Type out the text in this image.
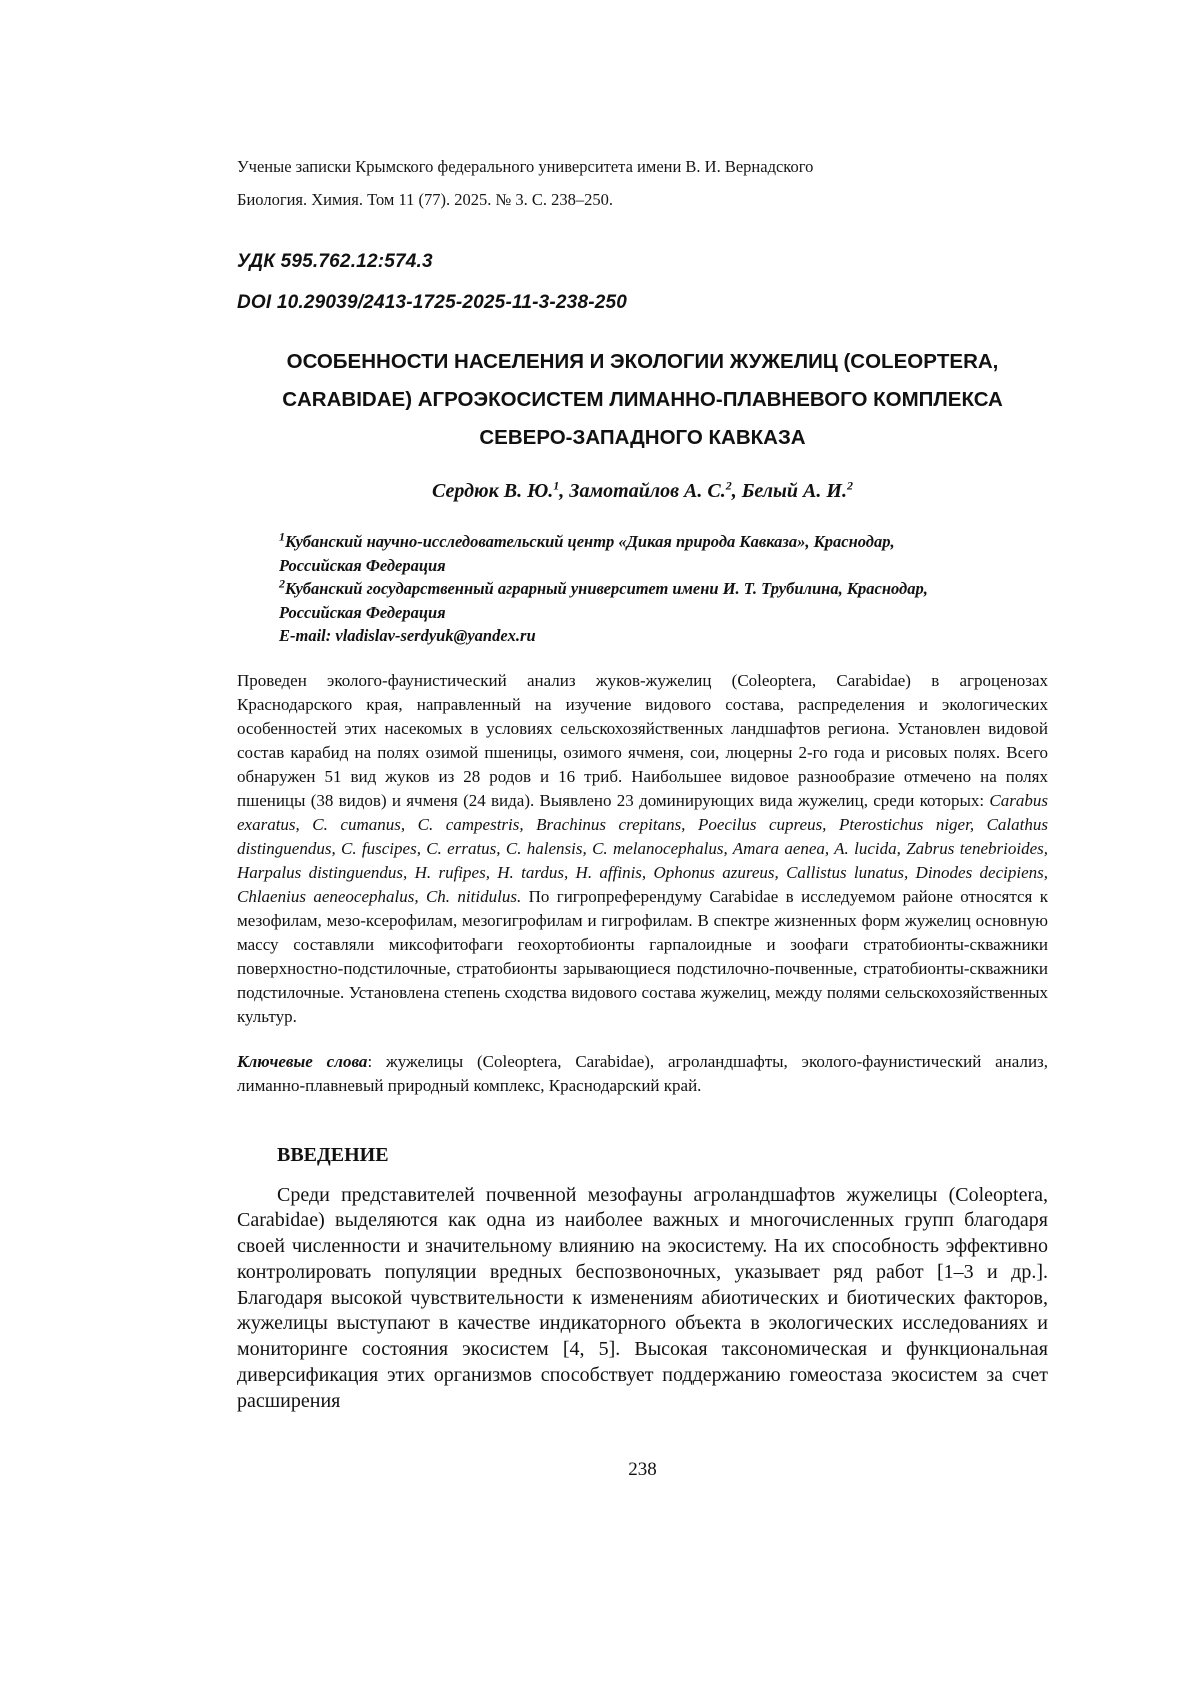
Ученые записки Крымского федерального университета имени В. И. Вернадского
Биология. Химия. Том 11 (77). 2025. № 3. С. 238–250.
УДК 595.762.12:574.3
DOI 10.29039/2413-1725-2025-11-3-238-250
ОСОБЕННОСТИ НАСЕЛЕНИЯ И ЭКОЛОГИИ ЖУЖЕЛИЦ (COLEOPTERA, CARABIDAE) АГРОЭКОСИСТЕМ ЛИМАННО-ПЛАВНЕВОГО КОМПЛЕКСА СЕВЕРО-ЗАПАДНОГО КАВКАЗА
Сердюк В. Ю.$^1$, Замотайлов А. С.$^2$, Белый А. И.$^2$
$^1$Кубанский научно-исследовательский центр «Дикая природа Кавказа», Краснодар,
Российская Федерация
$^2$Кубанский государственный аграрный университет имени И. Т. Трубилина, Краснодар,
Российская Федерация
E-mail: vladislav-serdyuk@yandex.ru
Проведен эколого-фаунистический анализ жуков-жужелиц (Coleoptera, Carabidae) в агроценозах Краснодарского края, направленный на изучение видового состава, распределения и экологических особенностей этих насекомых в условиях сельскохозяйственных ландшафтов региона. Установлен видовой состав карабид на полях озимой пшеницы, озимого ячменя, сои, люцерны 2-го года и рисовых полях. Всего обнаружен 51 вид жуков из 28 родов и 16 триб. Наибольшее видовое разнообразие отмечено на полях пшеницы (38 видов) и ячменя (24 вида). Выявлено 23 доминирующих вида жужелиц, среди которых: Carabus exaratus, C. cumanus, C. campestris, Brachinus crepitans, Poecilus cupreus, Pterostichus niger, Calathus distinguendus, C. fuscipes, C. erratus, C. halensis, C. melanocephalus, Amara aenea, A. lucida, Zabrus tenebrioides, Harpalus distinguendus, H. rufipes, H. tardus, H. affinis, Ophonus azureus, Callistus lunatus, Dinodes decipiens, Chlaenius aeneocephalus, Ch. nitidulus. По гигропреферендуму Carabidae в исследуемом районе относятся к мезофилам, мезо-ксерофилам, мезогигрофилам и гигрофилам. В спектре жизненных форм жужелиц основную массу составляли миксофитофаги геохортобионты гарпалоидные и зоофаги стратобионты-скважники поверхностно-подстилочные, стратобионты зарывающиеся подстилочно-почвенные, стратобионты-скважники подстилочные. Установлена степень сходства видового состава жужелиц, между полями сельскохозяйственных культур.
Ключевые слова: жужелицы (Coleoptera, Carabidae), агроландшафты, эколого-фаунистический анализ, лиманно-плавневый природный комплекс, Краснодарский край.
ВВЕДЕНИЕ
Среди представителей почвенной мезофауны агроландшафтов жужелицы (Coleoptera, Carabidae) выделяются как одна из наиболее важных и многочисленных групп благодаря своей численности и значительному влиянию на экосистему. На их способность эффективно контролировать популяции вредных беспозвоночных, указывает ряд работ [1–3 и др.]. Благодаря высокой чувствительности к изменениям абиотических и биотических факторов, жужелицы выступают в качестве индикаторного объекта в экологических исследованиях и мониторинге состояния экосистем [4, 5]. Высокая таксономическая и функциональная диверсификация этих организмов способствует поддержанию гомеостаза экосистем за счет расширения
238
